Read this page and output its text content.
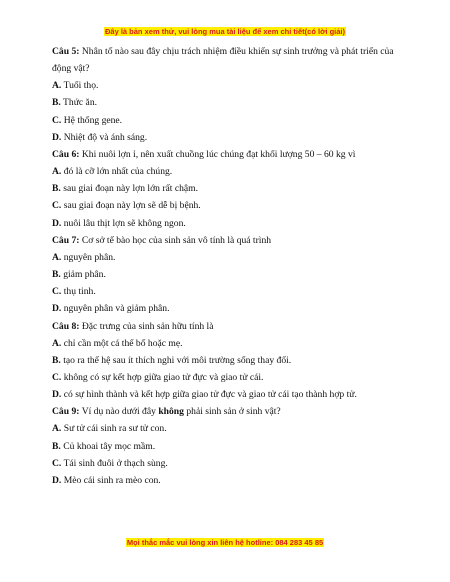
Đây là bản xem thử, vui lòng mua tài liệu để xem chi tiết(có lời giải)
Câu 5: Nhân tố nào sau đây chịu trách nhiệm điều khiển sự sinh trưởng và phát triển của động vật?
A. Tuổi thọ.
B. Thức ăn.
C. Hệ thống gene.
D. Nhiệt độ và ánh sáng.
Câu 6: Khi nuôi lợn ỉ, nên xuất chuồng lúc chúng đạt khối lượng 50 – 60 kg vì
A. đó là cỡ lớn nhất của chúng.
B. sau giai đoạn này lợn lớn rất chậm.
C. sau giai đoạn này lợn sẽ dễ bị bệnh.
D. nuôi lâu thịt lợn sẽ không ngon.
Câu 7: Cơ sở tế bào học của sinh sản vô tính là quá trình
A. nguyên phân.
B. giảm phân.
C. thụ tinh.
D. nguyên phân và giảm phân.
Câu 8: Đặc trưng của sinh sản hữu tính là
A. chỉ cần một cá thể bố hoặc mẹ.
B. tạo ra thế hệ sau ít thích nghi với môi trường sống thay đổi.
C. không có sự kết hợp giữa giao tử đực và giao tử cái.
D. có sự hình thành và kết hợp giữa giao tử đực và giao tử cái tạo thành hợp tử.
Câu 9: Ví dụ nào dưới đây không phải sinh sản ở sinh vật?
A. Sư tử cái sinh ra sư tử con.
B. Củ khoai tây mọc mầm.
C. Tái sinh đuôi ở thạch sùng.
D. Mèo cái sinh ra mèo con.
Mọi thắc mắc vui lòng xin liên hệ hotline: 084 283 45 85
